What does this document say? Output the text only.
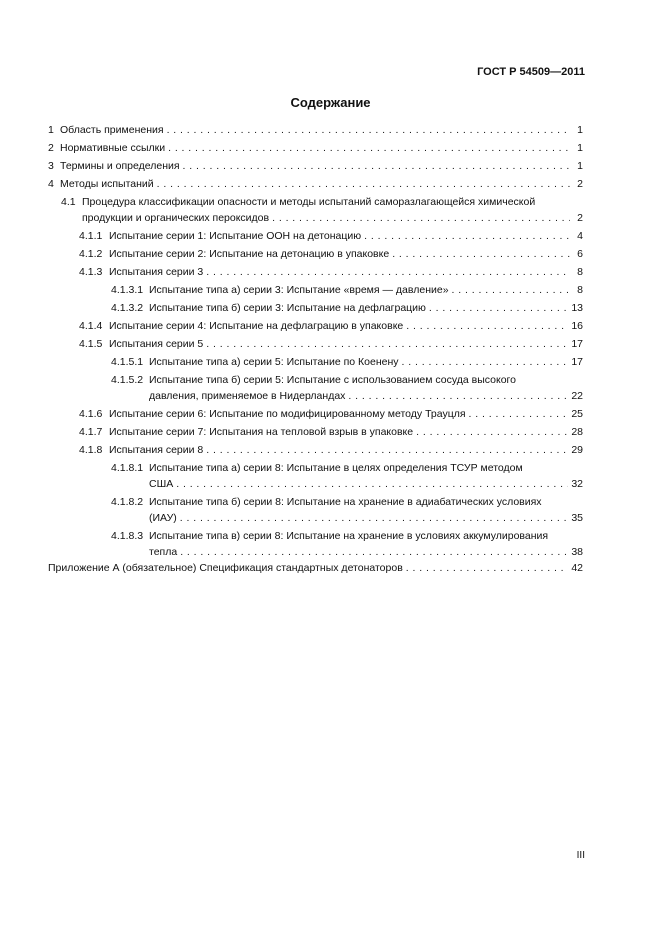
ГОСТ Р 54509—2011
Содержание
1 Область применения . . .	1
2 Нормативные ссылки . . .	1
3 Термины и определения . . .	1
4 Методы испытаний . . .	2
4.1 Процедура классификации опасности и методы испытаний саморазлагающейся химической
продукции и органических пероксидов . . .	2
4.1.1 Испытание серии 1: Испытание ООН на детонацию . . .	4
4.1.2 Испытание серии 2: Испытание на детонацию в упаковке . . .	6
4.1.3 Испытания серии 3 . . .	8
4.1.3.1 Испытание типа а) серии 3: Испытание «время — давление» . . .	8
4.1.3.2 Испытание типа б) серии 3: Испытание на дефлаграцию . . .	13
4.1.4 Испытание серии 4: Испытание на дефлаграцию в упаковке . . .	16
4.1.5 Испытания серии 5 . . .	17
4.1.5.1 Испытание типа а) серии 5: Испытание по Коенену . . .	17
4.1.5.2 Испытание типа б) серии 5: Испытание с использованием сосуда высокого
давления, применяемое в Нидерландах . . .	22
4.1.6 Испытание серии 6: Испытание по модифицированному методу Трауцля . . .	25
4.1.7 Испытание серии 7: Испытания на тепловой взрыв в упаковке . . .	28
4.1.8 Испытания серии 8 . . .	29
4.1.8.1 Испытание типа а) серии 8: Испытание в целях определения ТСУР методом
США . . .	32
4.1.8.2 Испытание типа б) серии 8: Испытание на хранение в адиабатических условиях
(ИАУ) . . .	35
4.1.8.3 Испытание типа в) серии 8: Испытание на хранение в условиях аккумулирования
тепла . . .	38
Приложение А (обязательное) Спецификация стандартных детонаторов . . .	42
III
